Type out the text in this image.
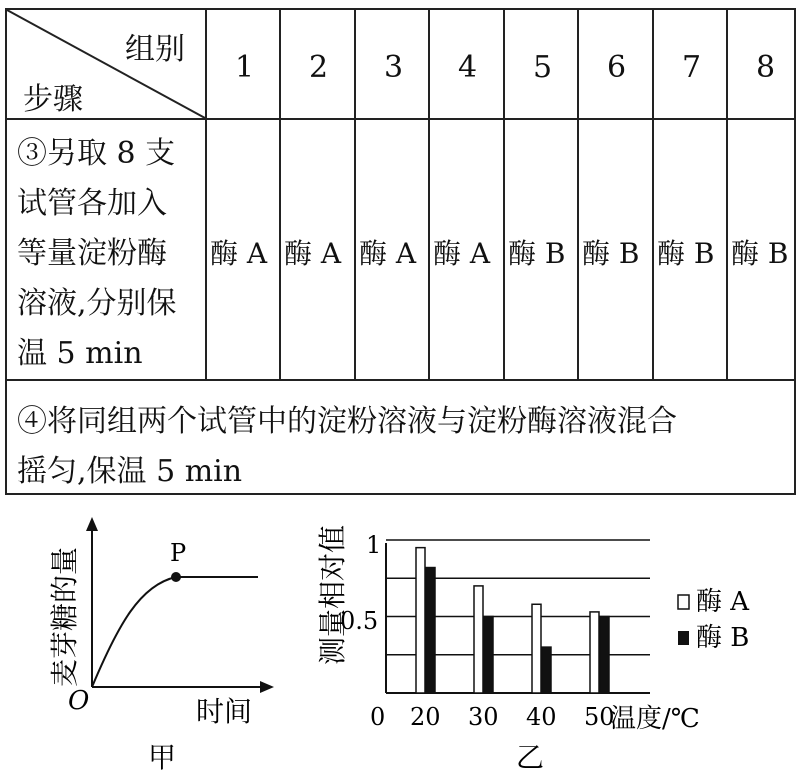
组别
步骤
1 2 3 4 5 6 7 8
③另取 8 支
试管各加入
等量淀粉酶
溶液,分别保
温 5 min
酶 A 酶 A 酶 A 酶 A 酶 B 酶 B 酶 B 酶 B
④将同组两个试管中的淀粉溶液与淀粉酶溶液混合
摇匀,保温 5 min
P
O	时间
麦芽糖的量
甲
测量相对值
20 30 40 50
0
0.5
1
温度/℃
酶 A
酶 B
乙
